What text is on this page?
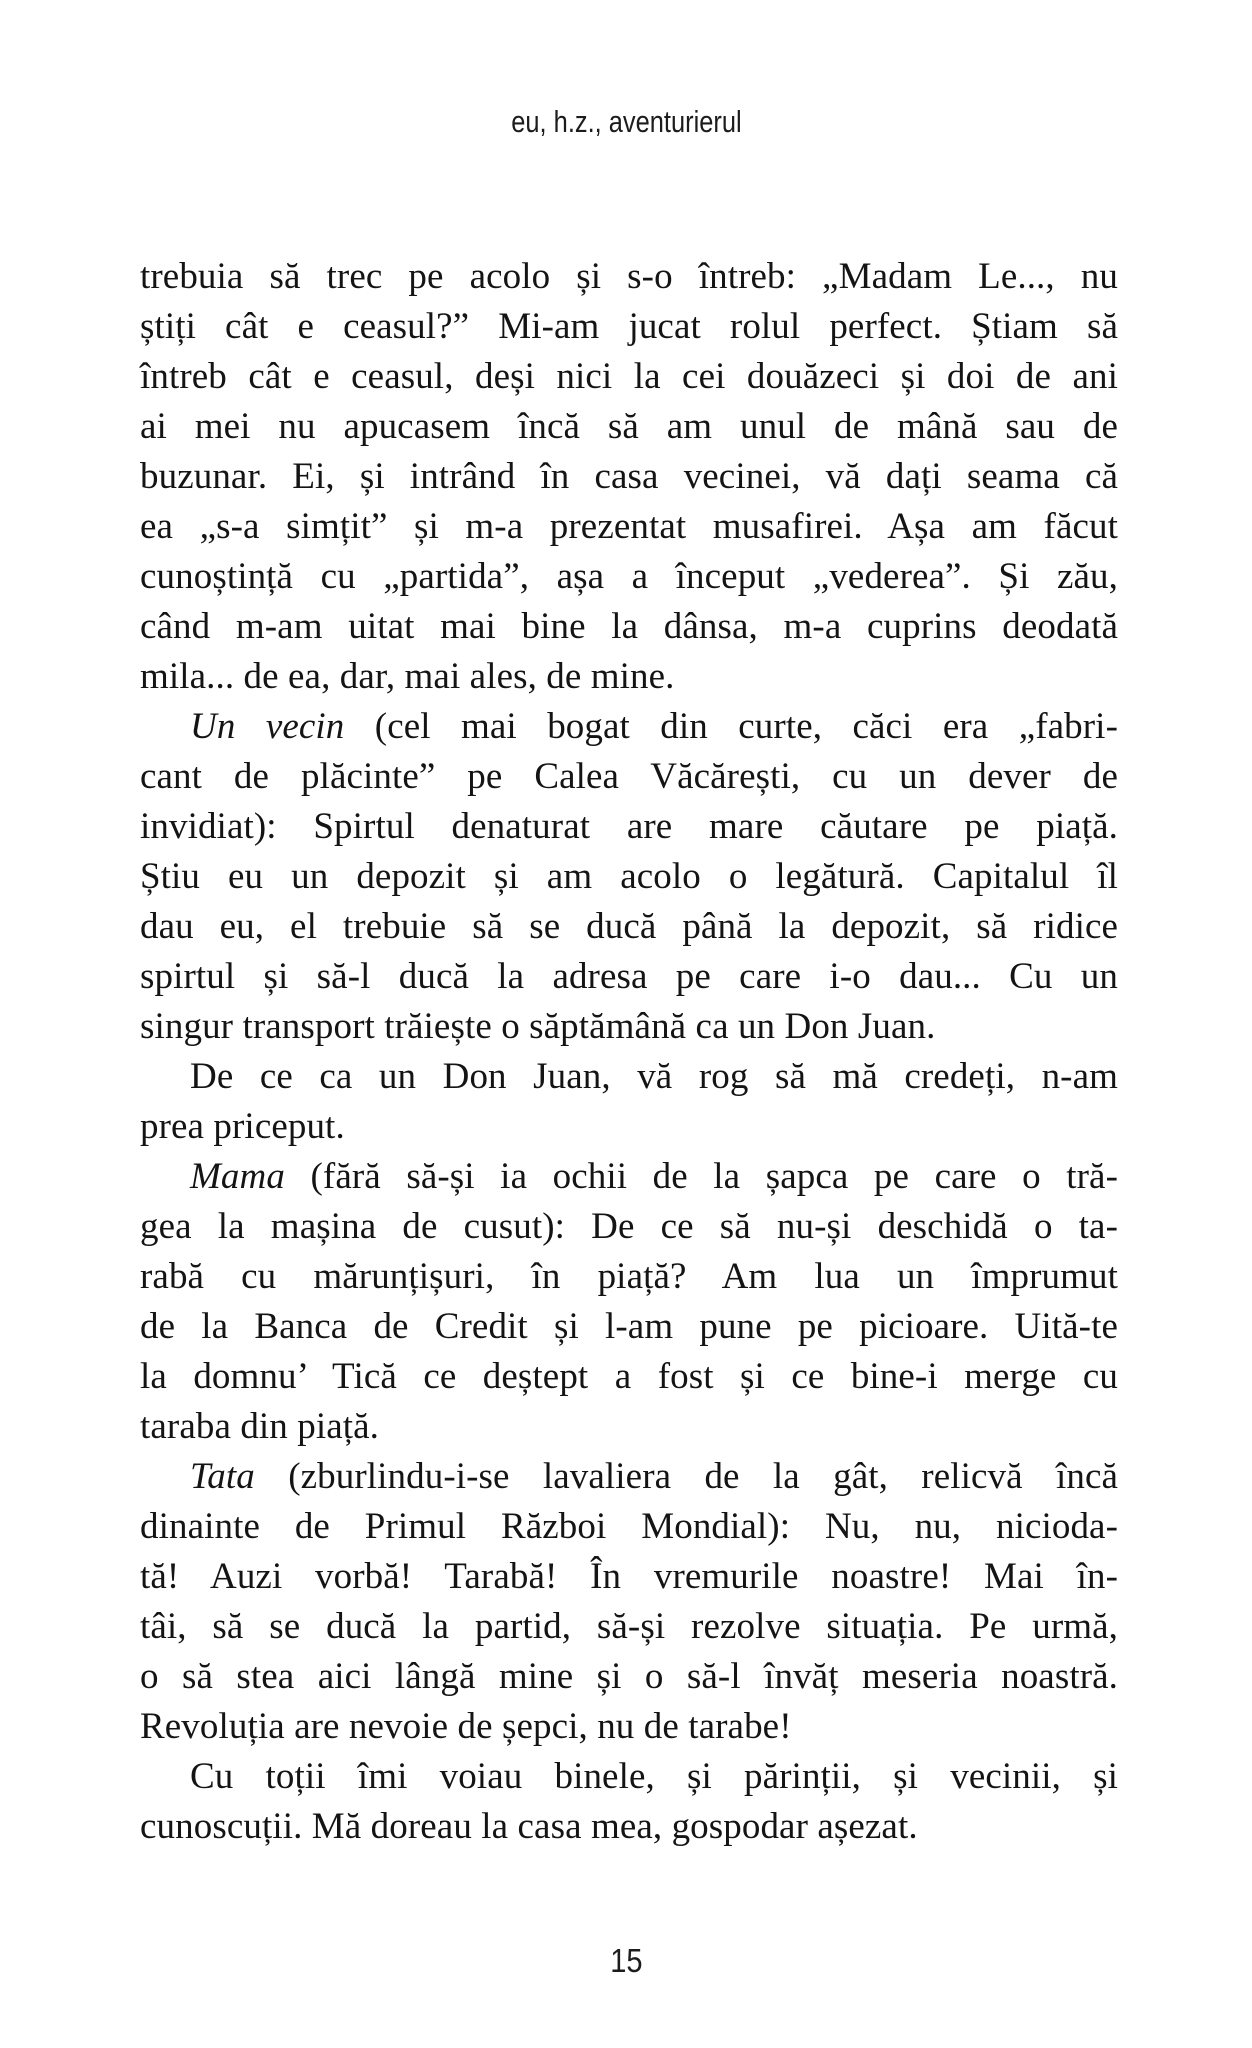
eu, h.z., aventurierul
trebuia să trec pe acolo și s-o întreb: „Madam Le..., nu
știți cât e ceasul?” Mi-am jucat rolul perfect. Știam să
întreb cât e ceasul, deși nici la cei douăzeci și doi de ani
ai mei nu apucasem încă să am unul de mână sau de
buzunar. Ei, și intrând în casa vecinei, vă dați seama că
ea „s-a simțit” și m-a prezentat musafirei. Așa am făcut
cunoștință cu „partida”, așa a început „vederea”. Și zău,
când m-am uitat mai bine la dânsa, m-a cuprins deodată
mila... de ea, dar, mai ales, de mine.
Un vecin (cel mai bogat din curte, căci era „fabri-
cant de plăcinte” pe Calea Văcărești, cu un dever de
invidiat): Spirtul denaturat are mare căutare pe piață.
Știu eu un depozit și am acolo o legătură. Capitalul îl
dau eu, el trebuie să se ducă până la depozit, să ridice
spirtul și să-l ducă la adresa pe care i-o dau... Cu un
singur transport trăiește o săptămână ca un Don Juan.
De ce ca un Don Juan, vă rog să mă credeți, n-am
prea priceput.
Mama (fără să-și ia ochii de la șapca pe care o tră-
gea la mașina de cusut): De ce să nu-și deschidă o ta-
rabă cu mărunțișuri, în piață? Am lua un împrumut
de la Banca de Credit și l-am pune pe picioare. Uită-te
la domnu’ Tică ce deștept a fost și ce bine-i merge cu
taraba din piață.
Tata (zburlindu-i-se lavaliera de la gât, relicvă încă
dinainte de Primul Război Mondial): Nu, nu, nicioda-
tă! Auzi vorbă! Tarabă! În vremurile noastre! Mai în-
tâi, să se ducă la partid, să-și rezolve situația. Pe urmă,
o să stea aici lângă mine și o să-l învăț meseria noastră.
Revoluția are nevoie de șepci, nu de tarabe!
Cu toții îmi voiau binele, și părinții, și vecinii, și
cunoscuții. Mă doreau la casa mea, gospodar așezat.
15
